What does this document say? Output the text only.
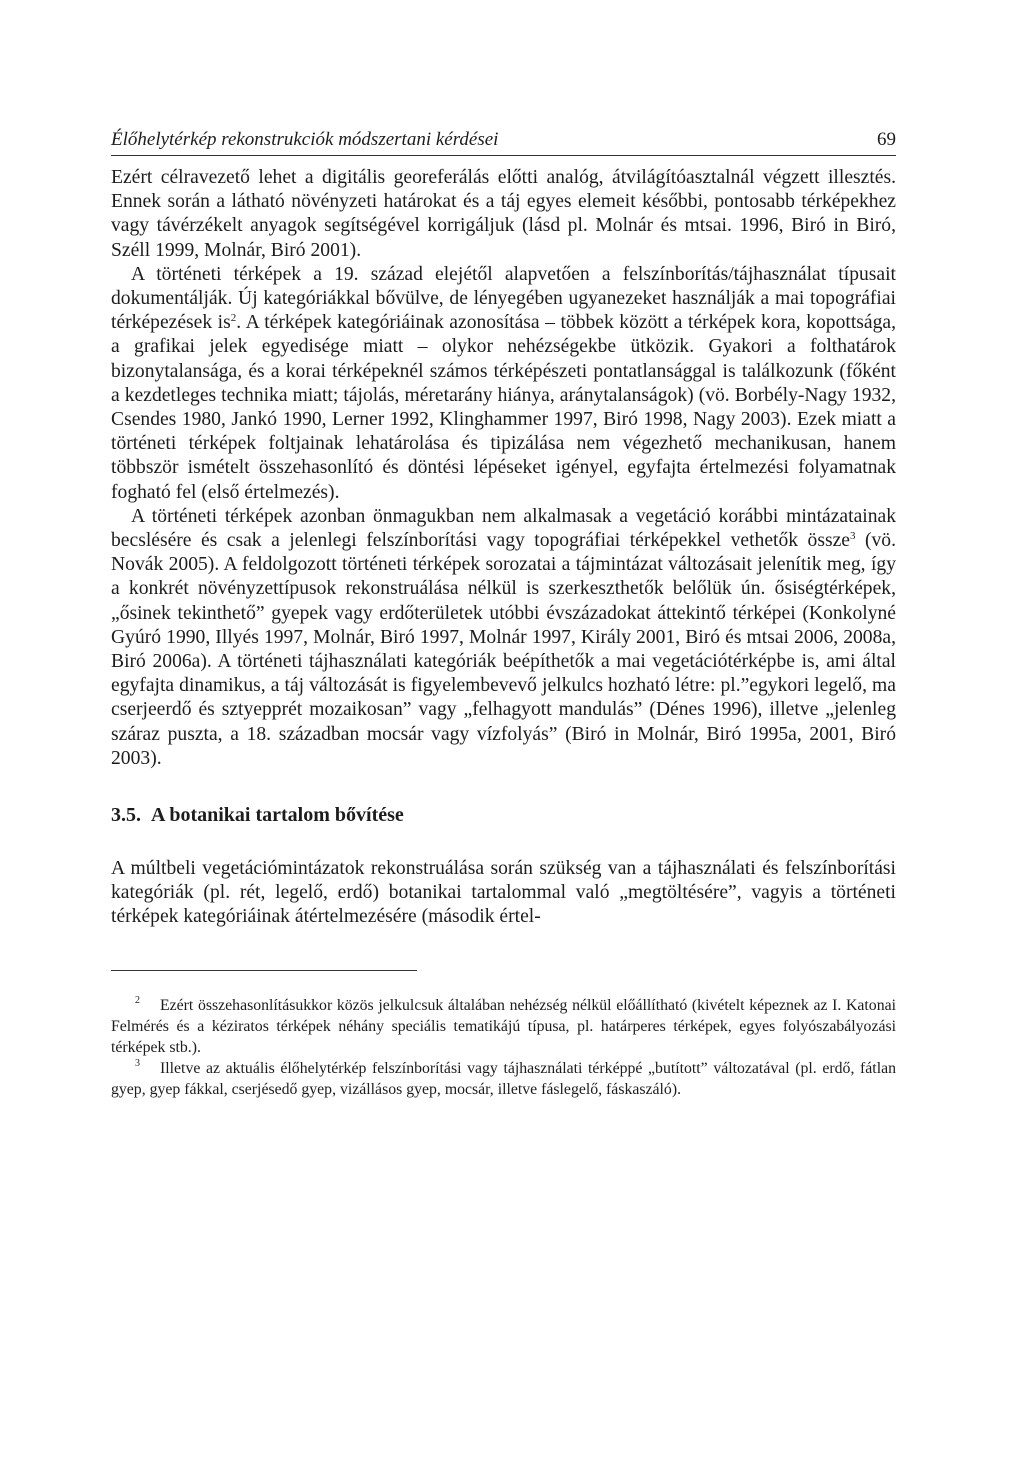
Élőhelytérkép rekonstrukciók módszertani kérdései	69

Ezért célravezető lehet a digitális georeferálás előtti analóg, átvilágítóasztalnál végzett illesztés. Ennek során a látható növényzeti határokat és a táj egyes elemeit későbbi, pontosabb térképekhez vagy távérzékelt anyagok segítségével korrigáljuk (lásd pl. Molnár és mtsai. 1996, Biró in Biró, Széll 1999, Molnár, Biró 2001).

A történeti térképek a 19. század elejétől alapvetően a felszínborítás/tájhasználat típusait dokumentálják. Új kategóriákkal bővülve, de lényegében ugyanezeket használják a mai topográfiai térképezések $is^2$. A térképek kategóriáinak azonosítása – többek között a térképek kora, kopottsága, a grafikai jelek egyedisége miatt – olykor nehézségekbe ütközik. Gyakori a folthatárok bizonytalansága, és a korai térképeknél számos térképészeti pontatlansággal is találkozunk (főként a kezdetleges technika miatt; tájolás, méretarány hiánya, aránytalanságok) (vö. Borbély-Nagy 1932, Csendes 1980, Jankó 1990, Lerner 1992, Klinghammer 1997, Biró 1998, Nagy 2003). Ezek miatt a történeti térképek foltjainak lehatárolása és tipizálása nem végezhető mechanikusan, hanem többször ismételt összehasonlító és döntési lépéseket igényel, egyfajta értelmezési folyamatnak fogható fel (első értelmezés).

A történeti térképek azonban önmagukban nem alkalmasak a vegetáció korábbi mintázatainak becslésére és csak a jelenlegi felszínborítási vagy topográfiai térképekkel vethetők össze$^3$ (vö. Novák 2005). A feldolgozott történeti térképek sorozatai a tájmintázat változásait jelenítik meg, így a konkrét növényzettípusok rekonstruálása nélkül is szerkeszthetők belőlük ún. ősiségtérképek, „ősinek tekinthető” gyepek vagy erdőterületek utóbbi évszázadokat áttekintő térképei (Konkolyné Gyúró 1990, Illyés 1997, Molnár, Biró 1997, Molnár 1997, Király 2001, Biró és mtsai 2006, 2008a, Biró 2006a). A történeti tájhasználati kategóriák beépíthetők a mai vegetációtérképbe is, ami által egyfajta dinamikus, a táj változását is figyelembevevő jelkulcs hozható létre: pl.”egykori legelő, ma cserjeerdő és sztyepprét mozaikosan” vagy „felhagyott mandulás” (Dénes 1996), illetve „jelenleg száraz puszta, a 18. században mocsár vagy vízfolyás” (Biró in Molnár, Biró 1995a, 2001, Biró 2003).

3.5. A botanikai tartalom bővítése

A múltbeli vegetációmintázatok rekonstruálása során szükség van a tájhasználati és felszínborítási kategóriák (pl. rét, legelő, erdő) botanikai tartalommal való „megtöltésére”, vagyis a történeti térképek kategóriáinak átértelmezésére (második értel-

$^2$ Ezért összehasonlításukkor közös jelkulcsuk általában nehézség nélkül előállítható (kivételt képeznek az I. Katonai Felmérés és a kéziratos térképek néhány speciális tematikájú típusa, pl. határperes térképek, egyes folyószabályozási térképek stb.).

$^3$ Illetve az aktuális élőhelytérkép felszínborítási vagy tájhasználati térképpé „butított” változatával (pl. erdő, fátlan gyep, gyep fákkal, cserjésedő gyep, vizállásos gyep, mocsár, illetve fáslegelő, fáskaszáló).
